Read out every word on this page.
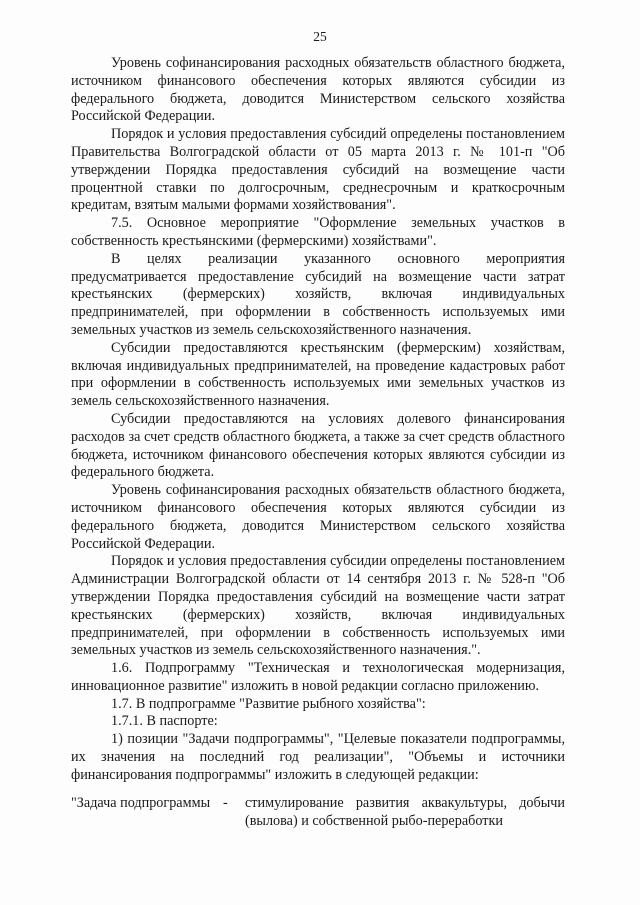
25

Уровень софинансирования расходных обязательств областного бюджета, источником финансового обеспечения которых являются субсидии из федерального бюджета, доводится Министерством сельского хозяйства Российской Федерации.

Порядок и условия предоставления субсидий определены постановлением Правительства Волгоградской области от 05 марта 2013 г. № 101-п "Об утверждении Порядка предоставления субсидий на возмещение части процентной ставки по долгосрочным, среднесрочным и краткосрочным кредитам, взятым малыми формами хозяйствования".

7.5. Основное мероприятие "Оформление земельных участков в собственность крестьянскими (фермерскими) хозяйствами".

В целях реализации указанного основного мероприятия предусматривается предоставление субсидий на возмещение части затрат крестьянских (фермерских) хозяйств, включая индивидуальных предпринимателей, при оформлении в собственность используемых ими земельных участков из земель сельскохозяйственного назначения.

Субсидии предоставляются крестьянским (фермерским) хозяйствам, включая индивидуальных предпринимателей, на проведение кадастровых работ при оформлении в собственность используемых ими земельных участков из земель сельскохозяйственного назначения.

Субсидии предоставляются на условиях долевого финансирования расходов за счет средств областного бюджета, а также за счет средств областного бюджета, источником финансового обеспечения которых являются субсидии из федерального бюджета.

Уровень софинансирования расходных обязательств областного бюджета, источником финансового обеспечения которых являются субсидии из федерального бюджета, доводится Министерством сельского хозяйства Российской Федерации.

Порядок и условия предоставления субсидии определены постановлением Администрации Волгоградской области от 14 сентября 2013 г. № 528-п "Об утверждении Порядка предоставления субсидий на возмещение части затрат крестьянских (фермерских) хозяйств, включая индивидуальных предпринимателей, при оформлении в собственность используемых ими земельных участков из земель сельскохозяйственного назначения.".

1.6. Подпрограмму "Техническая и технологическая модернизация, инновационное развитие" изложить в новой редакции согласно приложению.

1.7. В подпрограмме "Развитие рыбного хозяйства":

1.7.1. В паспорте:

1) позиции "Задачи подпрограммы", "Целевые показатели подпрограммы, их значения на последний год реализации", "Объемы и источники финансирования подпрограммы" изложить в следующей редакции:

"Задача подпрограммы -	стимулирование развития аквакультуры, добычи (вылова) и собственной рыбо-переработки
